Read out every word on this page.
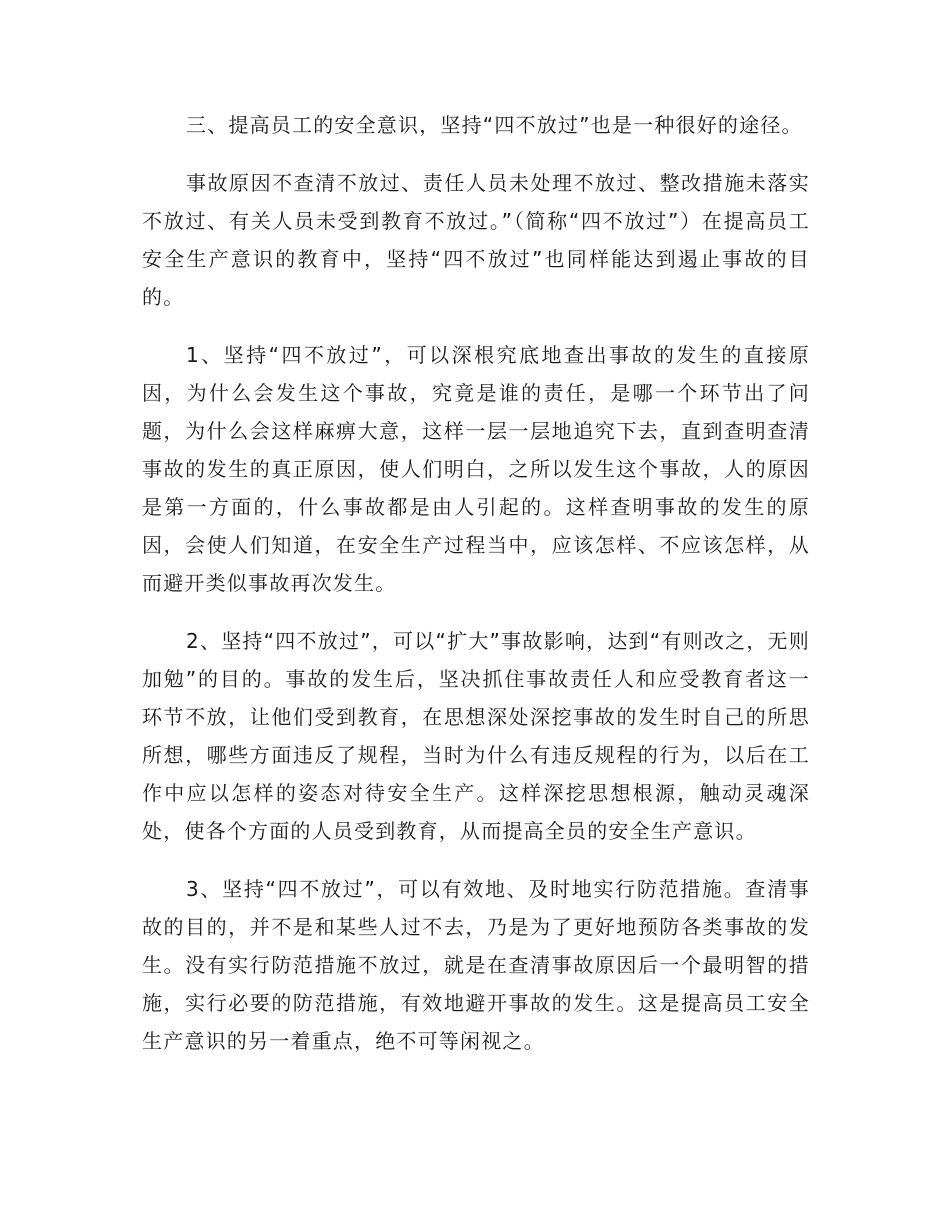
三、提高员工的安全意识，坚持“四不放过”也是一种很好的途径。

事故原因不查清不放过、责任人员未处理不放过、整改措施未落实不放过、有关人员未受到教育不放过。”（简称“四不放过”）在提高员工安全生产意识的教育中，坚持“四不放过”也同样能达到遏止事故的目的。

1、坚持“四不放过”，可以深根究底地查出事故的发生的直接原因，为什么会发生这个事故，究竟是谁的责任，是哪一个环节出了问题，为什么会这样麻痹大意，这样一层一层地追究下去，直到查明查清事故的发生的真正原因，使人们明白，之所以发生这个事故，人的原因是第一方面的，什么事故都是由人引起的。这样查明事故的发生的原因，会使人们知道，在安全生产过程当中，应该怎样、不应该怎样，从而避开类似事故再次发生。

2、坚持“四不放过”，可以“扩大”事故影响，达到“有则改之，无则加勉”的目的。事故的发生后，坚决抓住事故责任人和应受教育者这一环节不放，让他们受到教育，在思想深处深挖事故的发生时自己的所思所想，哪些方面违反了规程，当时为什么有违反规程的行为，以后在工作中应以怎样的姿态对待安全生产。这样深挖思想根源，触动灵魂深处，使各个方面的人员受到教育，从而提高全员的安全生产意识。

3、坚持“四不放过”，可以有效地、及时地实行防范措施。查清事故的目的，并不是和某些人过不去，乃是为了更好地预防各类事故的发生。没有实行防范措施不放过，就是在查清事故原因后一个最明智的措施，实行必要的防范措施，有效地避开事故的发生。这是提高员工安全生产意识的另一着重点，绝不可等闲视之。
